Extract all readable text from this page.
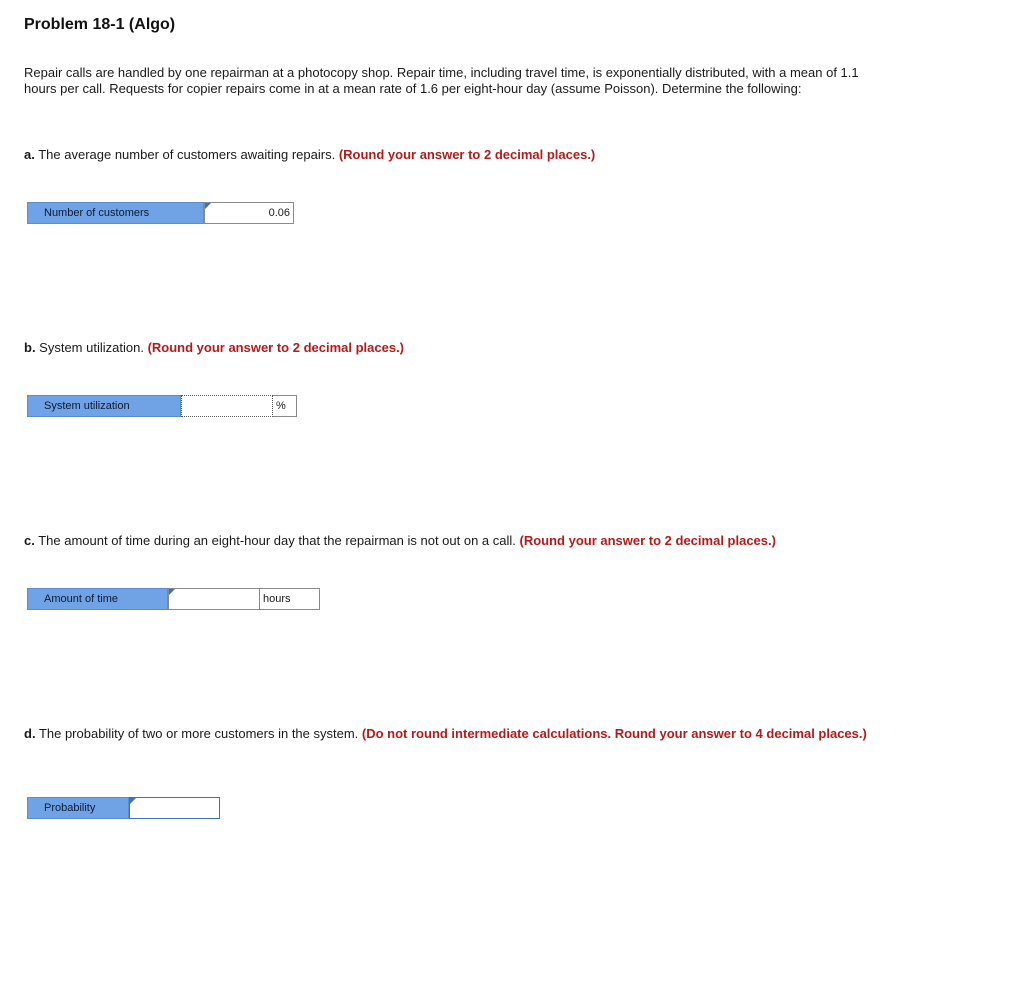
Problem 18-1 (Algo)
Repair calls are handled by one repairman at a photocopy shop. Repair time, including travel time, is exponentially distributed, with a mean of 1.1 hours per call. Requests for copier repairs come in at a mean rate of 1.6 per eight-hour day (assume Poisson). Determine the following:
a. The average number of customers awaiting repairs. (Round your answer to 2 decimal places.)
Number of customers	0.06
b. System utilization. (Round your answer to 2 decimal places.)
System utilization	%
c. The amount of time during an eight-hour day that the repairman is not out on a call. (Round your answer to 2 decimal places.)
Amount of time	hours
d. The probability of two or more customers in the system. (Do not round intermediate calculations. Round your answer to 4 decimal places.)
Probability
